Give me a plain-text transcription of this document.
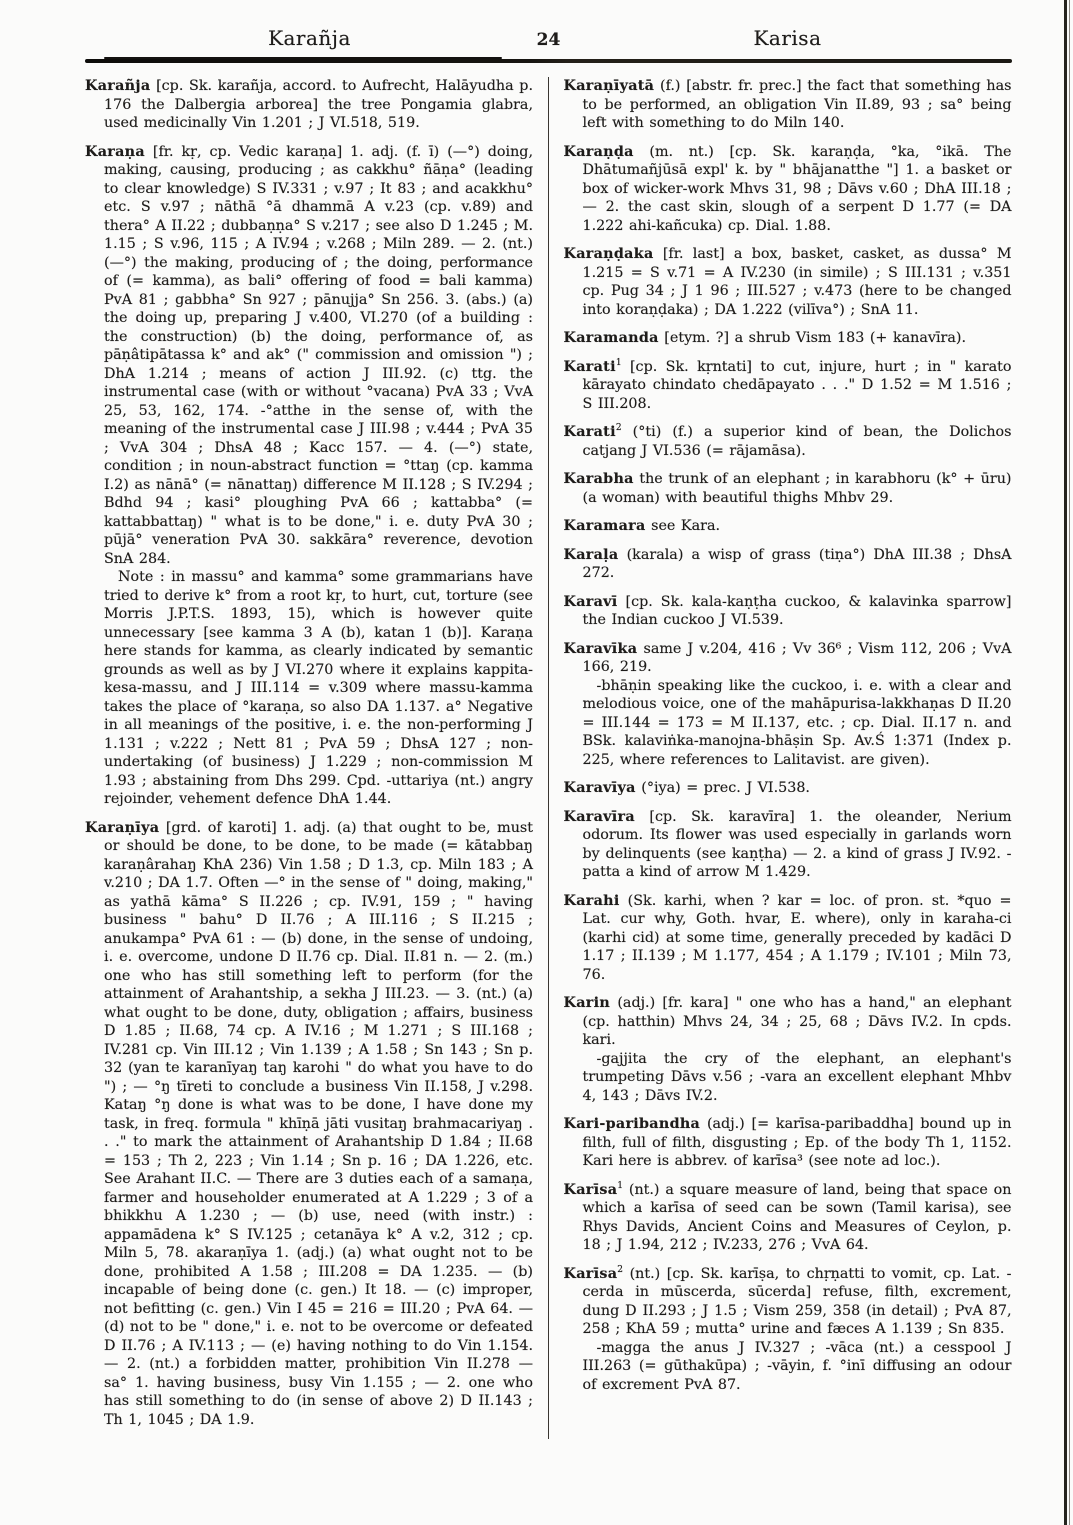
Karañja	24	Karisa

Karañja [cp. Sk. karañja, accord. to Aufrecht, Halāyudha p. 176 the Dalbergia arborea] the tree Pongamia glabra, used medicinally Vin 1.201 ; J VI.518, 519.

Karaṇa [fr. kṛ, cp. Vedic karaṇa] 1. adj. (f. ī) (—°) doing, making, causing, producing ; as cakkhu° ñāṇa° (leading to clear knowledge) S IV.331 ; v.97 ; It 83 ; and acakkhu° etc. S v.97 ; nāthā °ā dhammā A v.23 (cp. v.89) and thera° A II.22 ; dubbaṇṇa° S v.217 ; see also D 1.245 ; M. 1.15 ; S v.96, 115 ; A IV.94 ; v.268 ; Miln 289. — 2. (nt.) (—°) the making, producing of ; the doing, performance of (= kamma), as bali° offering of food = bali kamma) PvA 81 ; gabbha° Sn 927 ; pānujja° Sn 256. 3. (abs.) (a) the doing up, preparing J v.400, VI.270 (of a building : the construction) (b) the doing, performance of, as pāṇâtipātassa k° and ak° (" commission and omission ") ; DhA 1.214 ; means of action J III.92. (c) ttg. the instrumental case (with or without °vacana) PvA 33 ; VvA 25, 53, 162, 174. -°atthe in the sense of, with the meaning of the instrumental case J III.98 ; v.444 ; PvA 35 ; VvA 304 ; DhsA 48 ; Kacc 157. — 4. (—°) state, condition ; in noun-abstract function = °ttaŋ (cp. kamma I.2) as nānā° (= nānattaŋ) difference M II.128 ; S IV.294 ; Bdhd 94 ; kasi° ploughing PvA 66 ; kattabba° (= kattabbattaŋ) " what is to be done," i. e. duty PvA 30 ; pūjā° veneration PvA 30. sakkāra° reverence, devotion SnA 284.

Note : in massu° and kamma° some grammarians have tried to derive k° from a root kṛ, to hurt, cut, torture (see Morris J.P.T.S. 1893, 15), which is however quite unnecessary [see kamma 3 A (b), katan 1 (b)]. Karaṇa here stands for kamma, as clearly indicated by semantic grounds as well as by J VI.270 where it explains kappita-kesa-massu, and J III.114 = v.309 where massu-kamma takes the place of °karaṇa, so also DA 1.137. a° Negative in all meanings of the positive, i. e. the non-performing J 1.131 ; v.222 ; Nett 81 ; PvA 59 ; DhsA 127 ; non-undertaking (of business) J 1.229 ; non-commission M 1.93 ; abstaining from Dhs 299. Cpd. -uttariya (nt.) angry rejoinder, vehement defence DhA 1.44.

Karaṇīya [grd. of karoti] 1. adj. (a) that ought to be, must or should be done, to be done, to be made (= kātabbaŋ karaṇârahaŋ KhA 236) Vin 1.58 ; D 1.3, cp. Miln 183 ; A v.210 ; DA 1.7. Often —° in the sense of " doing, making," as yathā kāma° S II.226 ; cp. IV.91, 159 ; " having business " bahu° D II.76 ; A III.116 ; S II.215 ; anukampa° PvA 61 : — (b) done, in the sense of undoing, i. e. overcome, undone D II.76 cp. Dial. II.81 n. — 2. (m.) one who has still something left to perform (for the attainment of Arahantship, a sekha J III.23. — 3. (nt.) (a) what ought to be done, duty, obligation ; affairs, business D 1.85 ; II.68, 74 cp. A IV.16 ; M 1.271 ; S III.168 ; IV.281 cp. Vin III.12 ; Vin 1.139 ; A 1.58 ; Sn 143 ; Sn p. 32 (yan te karanīyaŋ taŋ karohi " do what you have to do ") ; — °ŋ tīreti to conclude a business Vin II.158, J v.298. Kataŋ °ŋ done is what was to be done, I have done my task, in freq. formula " khīṇā jāti vusitaŋ brahmacariyaŋ . . ." to mark the attainment of Arahantship D 1.84 ; II.68 = 153 ; Th 2, 223 ; Vin 1.14 ; Sn p. 16 ; DA 1.226, etc. See Arahant II.C. — There are 3 duties each of a samaṇa, farmer and householder enumerated at A 1.229 ; 3 of a bhikkhu A 1.230 ; — (b) use, need (with instr.) : appamādena k° S IV.125 ; cetanāya k° A v.2, 312 ; cp. Miln 5, 78. akaraṇīya 1. (adj.) (a) what ought not to be done, prohibited A 1.58 ; III.208 = DA 1.235. — (b) incapable of being done (c. gen.) It 18. — (c) improper, not befitting (c. gen.) Vin I 45 = 216 = III.20 ; PvA 64. — (d) not to be " done," i. e. not to be overcome or defeated D II.76 ; A IV.113 ; — (e) having nothing to do Vin 1.154. — 2. (nt.) a forbidden matter, prohibition Vin II.278 — sa° 1. having business, busy Vin 1.155 ; — 2. one who has still something to do (in sense of above 2) D II.143 ; Th 1, 1045 ; DA 1.9.

Karaṇīyatā (f.) [abstr. fr. prec.] the fact that something has to be performed, an obligation Vin II.89, 93 ; sa° being left with something to do Miln 140.

Karaṇḍa (m. nt.) [cp. Sk. karaṇḍa, °ka, °ikā. The Dhātumañjūsā expl' k. by " bhājanatthe "] 1. a basket or box of wicker-work Mhvs 31, 98 ; Dāvs v.60 ; DhA III.18 ; — 2. the cast skin, slough of a serpent D 1.77 (= DA 1.222 ahi-kañcuka) cp. Dial. 1.88.

Karaṇḍaka [fr. last] a box, basket, casket, as dussa° M 1.215 = S v.71 = A IV.230 (in simile) ; S III.131 ; v.351 cp. Pug 34 ; J 1 96 ; III.527 ; v.473 (here to be changed into koraṇḍaka) ; DA 1.222 (vilīva°) ; SnA 11.

Karamanda [etym. ?] a shrub Vism 183 (+ kanavīra).

Karati$^1$ [cp. Sk. kṛntati] to cut, injure, hurt ; in " karato kārayato chindato chedāpayato . . ." D 1.52 = M 1.516 ; S III.208.

Karati$^2$ (°ti) (f.) a superior kind of bean, the Dolichos catjang J VI.536 (= rājamāsa).

Karabha the trunk of an elephant ; in karabhoru (k° + ūru) (a woman) with beautiful thighs Mhbv 29.

Karamara see Kara.

Karaḷa (karala) a wisp of grass (tiṇa°) DhA III.38 ; DhsA 272.

Karavī [cp. Sk. kala-kaṇṭha cuckoo, & kalavinka sparrow] the Indian cuckoo J VI.539.

Karavīka same J v.204, 416 ; Vv 36⁶ ; Vism 112, 206 ; VvA 166, 219.

-bhāṇin speaking like the cuckoo, i. e. with a clear and melodious voice, one of the mahāpurisa-lakkhaṇas D II.20 = III.144 = 173 = M II.137, etc. ; cp. Dial. II.17 n. and BSk. kalaviṅka-manojna-bhāṣin Sp. Av.Ś 1:371 (Index p. 225, where references to Lalitavist. are given).

Karavīya (°iya) = prec. J VI.538.

Karavīra [cp. Sk. karavīra] 1. the oleander, Nerium odorum. Its flower was used especially in garlands worn by delinquents (see kaṇṭha) — 2. a kind of grass J IV.92. -patta a kind of arrow M 1.429.

Karahi (Sk. karhi, when ? kar = loc. of pron. st. *quo = Lat. cur why, Goth. hvar, E. where), only in karaha-ci (karhi cid) at some time, generally preceded by kadāci D 1.17 ; II.139 ; M 1.177, 454 ; A 1.179 ; IV.101 ; Miln 73, 76.

Karin (adj.) [fr. kara] " one who has a hand," an elephant (cp. hatthin) Mhvs 24, 34 ; 25, 68 ; Dāvs IV.2. In cpds. kari.

-gajjita the cry of the elephant, an elephant's trumpeting Dāvs v.56 ; -vara an excellent elephant Mhbv 4, 143 ; Dāvs IV.2.

Kari-paribandha (adj.) [= karīsa-paribaddha] bound up in filth, full of filth, disgusting ; Ep. of the body Th 1, 1152. Kari here is abbrev. of karīsa³ (see note ad loc.).

Karīsa$^1$ (nt.) a square measure of land, being that space on which a karīsa of seed can be sown (Tamil karisa), see Rhys Davids, Ancient Coins and Measures of Ceylon, p. 18 ; J 1.94, 212 ; IV.233, 276 ; VvA 64.

Karīsa$^2$ (nt.) [cp. Sk. karīṣa, to chṛṇatti to vomit, cp. Lat. -cerda in mūscerda, sūcerda] refuse, filth, excrement, dung D II.293 ; J 1.5 ; Vism 259, 358 (in detail) ; PvA 87, 258 ; KhA 59 ; mutta° urine and fæces A 1.139 ; Sn 835.

-magga the anus J IV.327 ; -vāca (nt.) a cesspool J III.263 (= gūthakūpa) ; -vāyin, f. °inī diffusing an odour of excrement PvA 87.
